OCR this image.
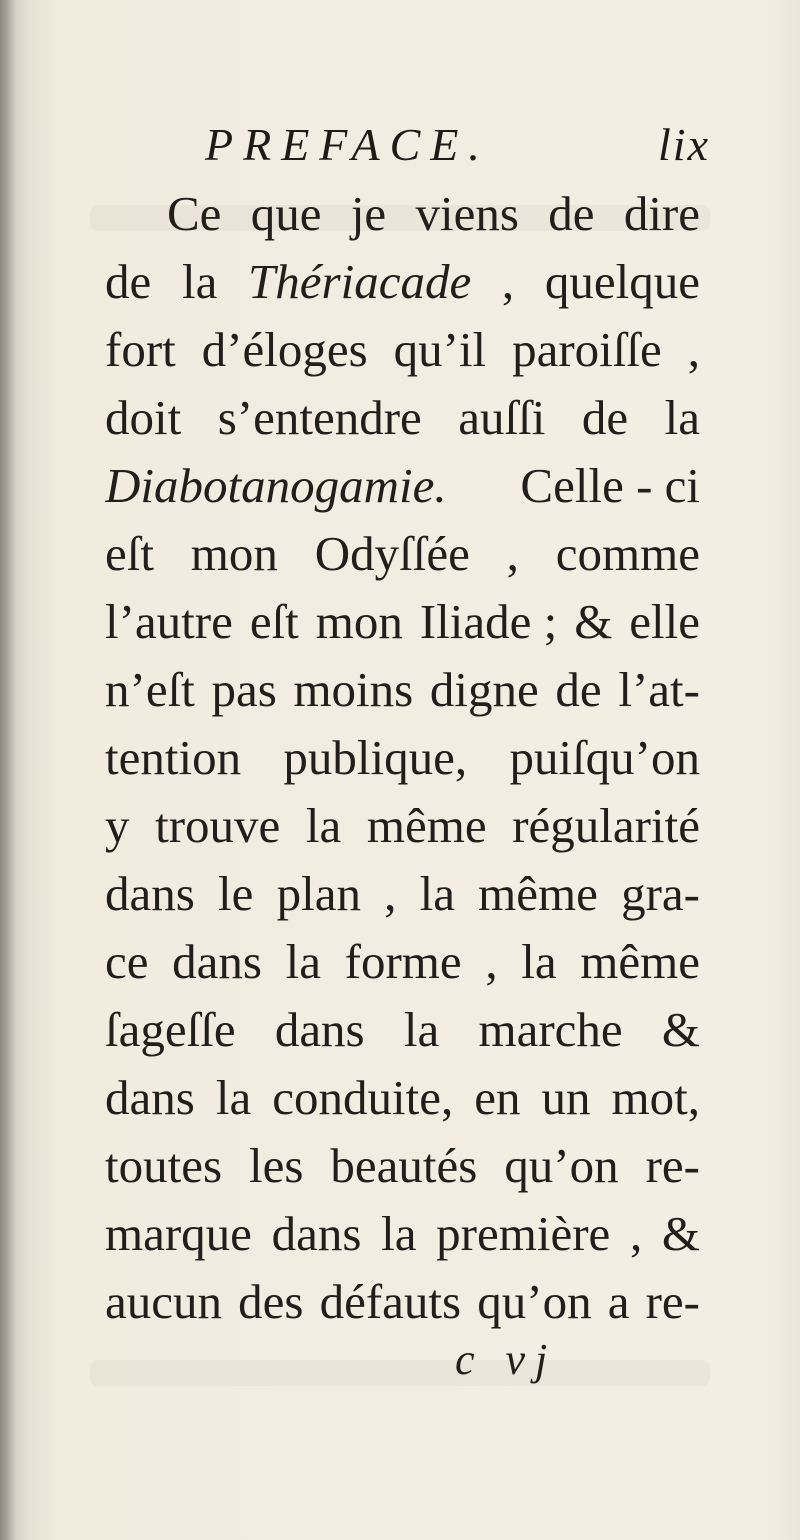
PREFACE.	lix
Ce que je viens de dire
de la Thériacade , quelque
fort d’éloges qu’il paroiſſe ,
doit s’entendre auſſi de la
Diabotanogamie. Celle - ci
eſt mon Odyſſée , comme
l’autre eſt mon Iliade ; & elle
n’eſt pas moins digne de l’at-
tention publique, puiſqu’on
y trouve la même régularité
dans le plan , la même gra-
ce dans la forme , la même
ſageſſe dans la marche &
dans la conduite, en un mot,
toutes les beautés qu’on re-
marque dans la première , &
aucun des défauts qu’on a re-
c vj
